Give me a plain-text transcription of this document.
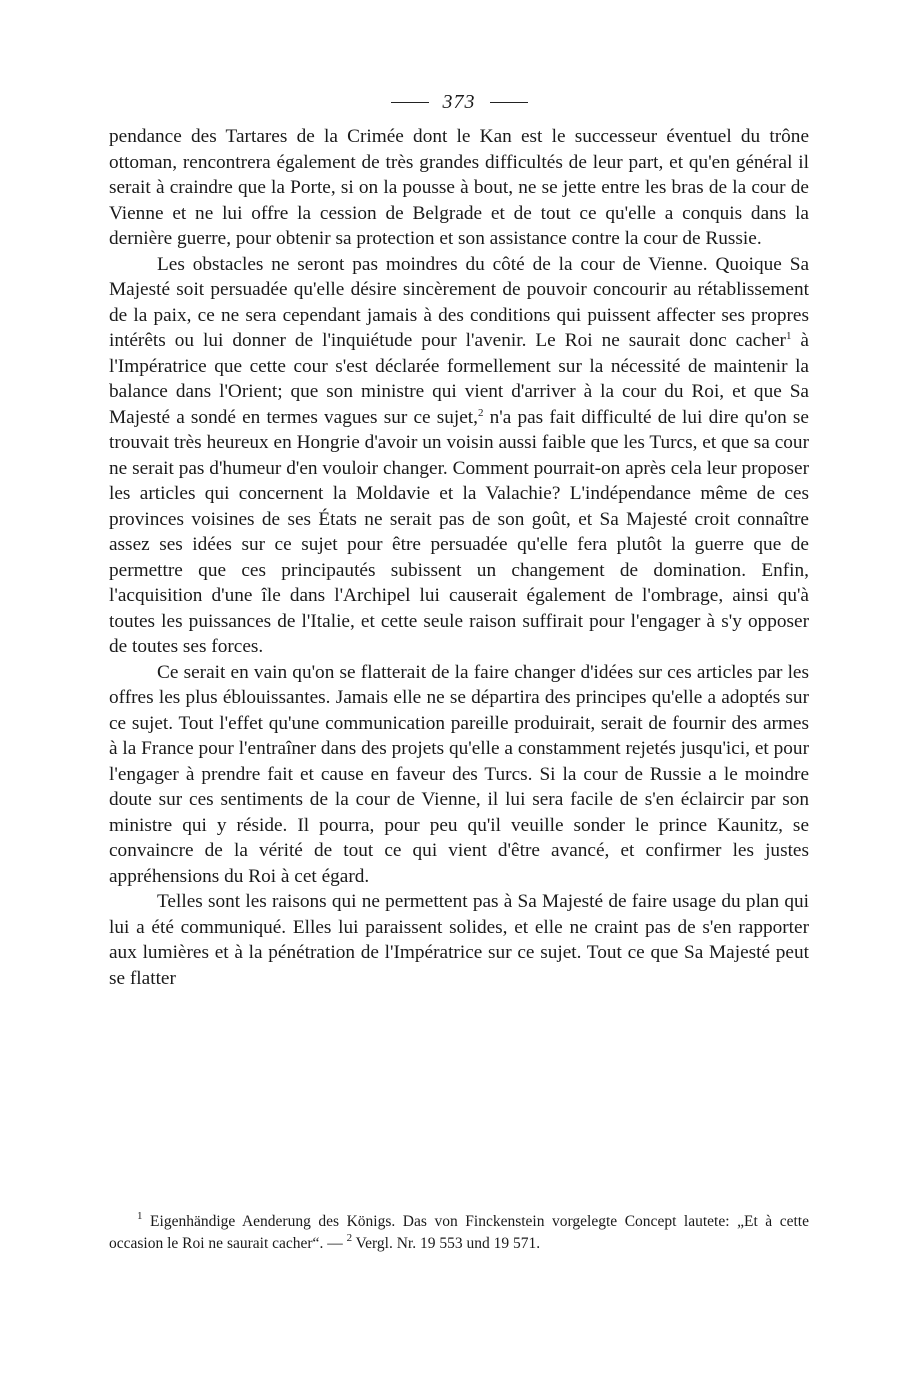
373

pendance des Tartares de la Crimée dont le Kan est le successeur éventuel du trône ottoman, rencontrera également de très grandes difficultés de leur part, et qu'en général il serait à craindre que la Porte, si on la pousse à bout, ne se jette entre les bras de la cour de Vienne et ne lui offre la cession de Belgrade et de tout ce qu'elle a conquis dans la dernière guerre, pour obtenir sa protection et son assistance contre la cour de Russie.

Les obstacles ne seront pas moindres du côté de la cour de Vienne. Quoique Sa Majesté soit persuadée qu'elle désire sincèrement de pouvoir concourir au rétablissement de la paix, ce ne sera cependant jamais à des conditions qui puissent affecter ses propres intérêts ou lui donner de l'inquiétude pour l'avenir. Le Roi ne saurait donc cacher$^1$ à l'Impératrice que cette cour s'est déclarée formellement sur la nécessité de maintenir la balance dans l'Orient; que son ministre qui vient d'arriver à la cour du Roi, et que Sa Majesté a sondé en termes vagues sur ce sujet,$^2$ n'a pas fait difficulté de lui dire qu'on se trouvait très heureux en Hongrie d'avoir un voisin aussi faible que les Turcs, et que sa cour ne serait pas d'humeur d'en vouloir changer. Comment pourrait-on après cela leur proposer les articles qui concernent la Moldavie et la Valachie? L'indépendance même de ces provinces voisines de ses États ne serait pas de son goût, et Sa Majesté croit connaître assez ses idées sur ce sujet pour être persuadée qu'elle fera plutôt la guerre que de permettre que ces principautés subissent un changement de domination. Enfin, l'acquisition d'une île dans l'Archipel lui causerait également de l'ombrage, ainsi qu'à toutes les puissances de l'Italie, et cette seule raison suffirait pour l'engager à s'y opposer de toutes ses forces.

Ce serait en vain qu'on se flatterait de la faire changer d'idées sur ces articles par les offres les plus éblouissantes. Jamais elle ne se départira des principes qu'elle a adoptés sur ce sujet. Tout l'effet qu'une communication pareille produirait, serait de fournir des armes à la France pour l'entraîner dans des projets qu'elle a constamment rejetés jusqu'ici, et pour l'engager à prendre fait et cause en faveur des Turcs. Si la cour de Russie a le moindre doute sur ces sentiments de la cour de Vienne, il lui sera facile de s'en éclaircir par son ministre qui y réside. Il pourra, pour peu qu'il veuille sonder le prince Kaunitz, se convaincre de la vérité de tout ce qui vient d'être avancé, et confirmer les justes appréhensions du Roi à cet égard.

Telles sont les raisons qui ne permettent pas à Sa Majesté de faire usage du plan qui lui a été communiqué. Elles lui paraissent solides, et elle ne craint pas de s'en rapporter aux lumières et à la pénétration de l'Impératrice sur ce sujet. Tout ce que Sa Majesté peut se flatter

$^1$ Eigenhändige Aenderung des Königs. Das von Finckenstein vorgelegte Concept lautete: „Et à cette occasion le Roi ne saurait cacher“. — $^2$ Vergl. Nr. 19 553 und 19 571.
